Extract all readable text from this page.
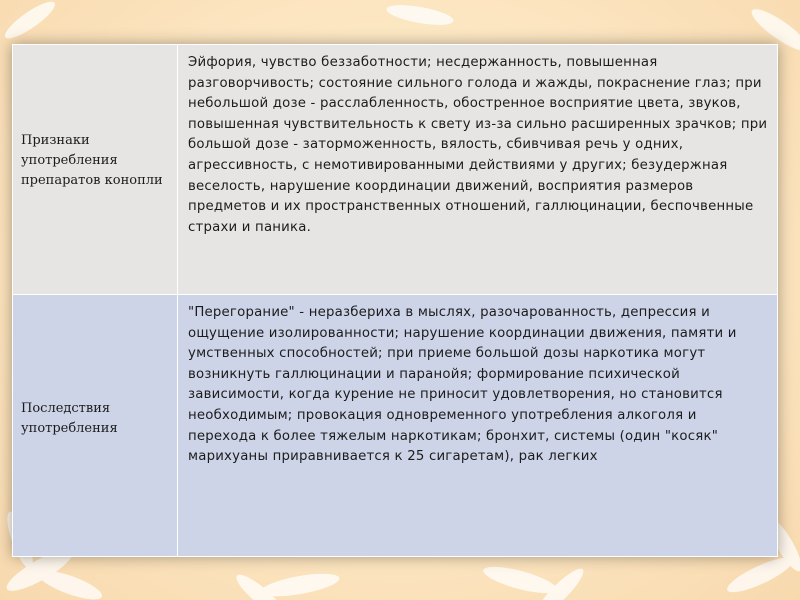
Признаки употребления препаратов конопли	Эйфория, чувство беззаботности; несдержанность, повышенная разговорчивость; состояние сильного голода и жажды, покраснение глаз; при небольшой дозе - расслабленность, обостренное восприятие цвета, звуков, повышенная чувствительность к свету из-за сильно расширенных зрачков; при большой дозе - заторможенность, вялость, сбивчивая речь у одних, агрессивность, с немотивированными действиями у других; безудержная веселость, нарушение координации движений, восприятия размеров предметов и их пространственных отношений, галлюцинации, беспочвенные страхи и паника.

Последствия употребления	"Перегорание" - неразбериха в мыслях, разочарованность, депрессия и ощущение изолированности; нарушение координации движения, памяти и умственных способностей; при приеме большой дозы наркотика могут возникнуть галлюцинации и паранойя; формирование психической зависимости, когда курение не приносит удовлетворения, но становится необходимым; провокация одновременного употребления алкоголя и перехода к более тяжелым наркотикам; бронхит, системы (один "косяк" марихуаны приравнивается к 25 сигаретам), рак легких
